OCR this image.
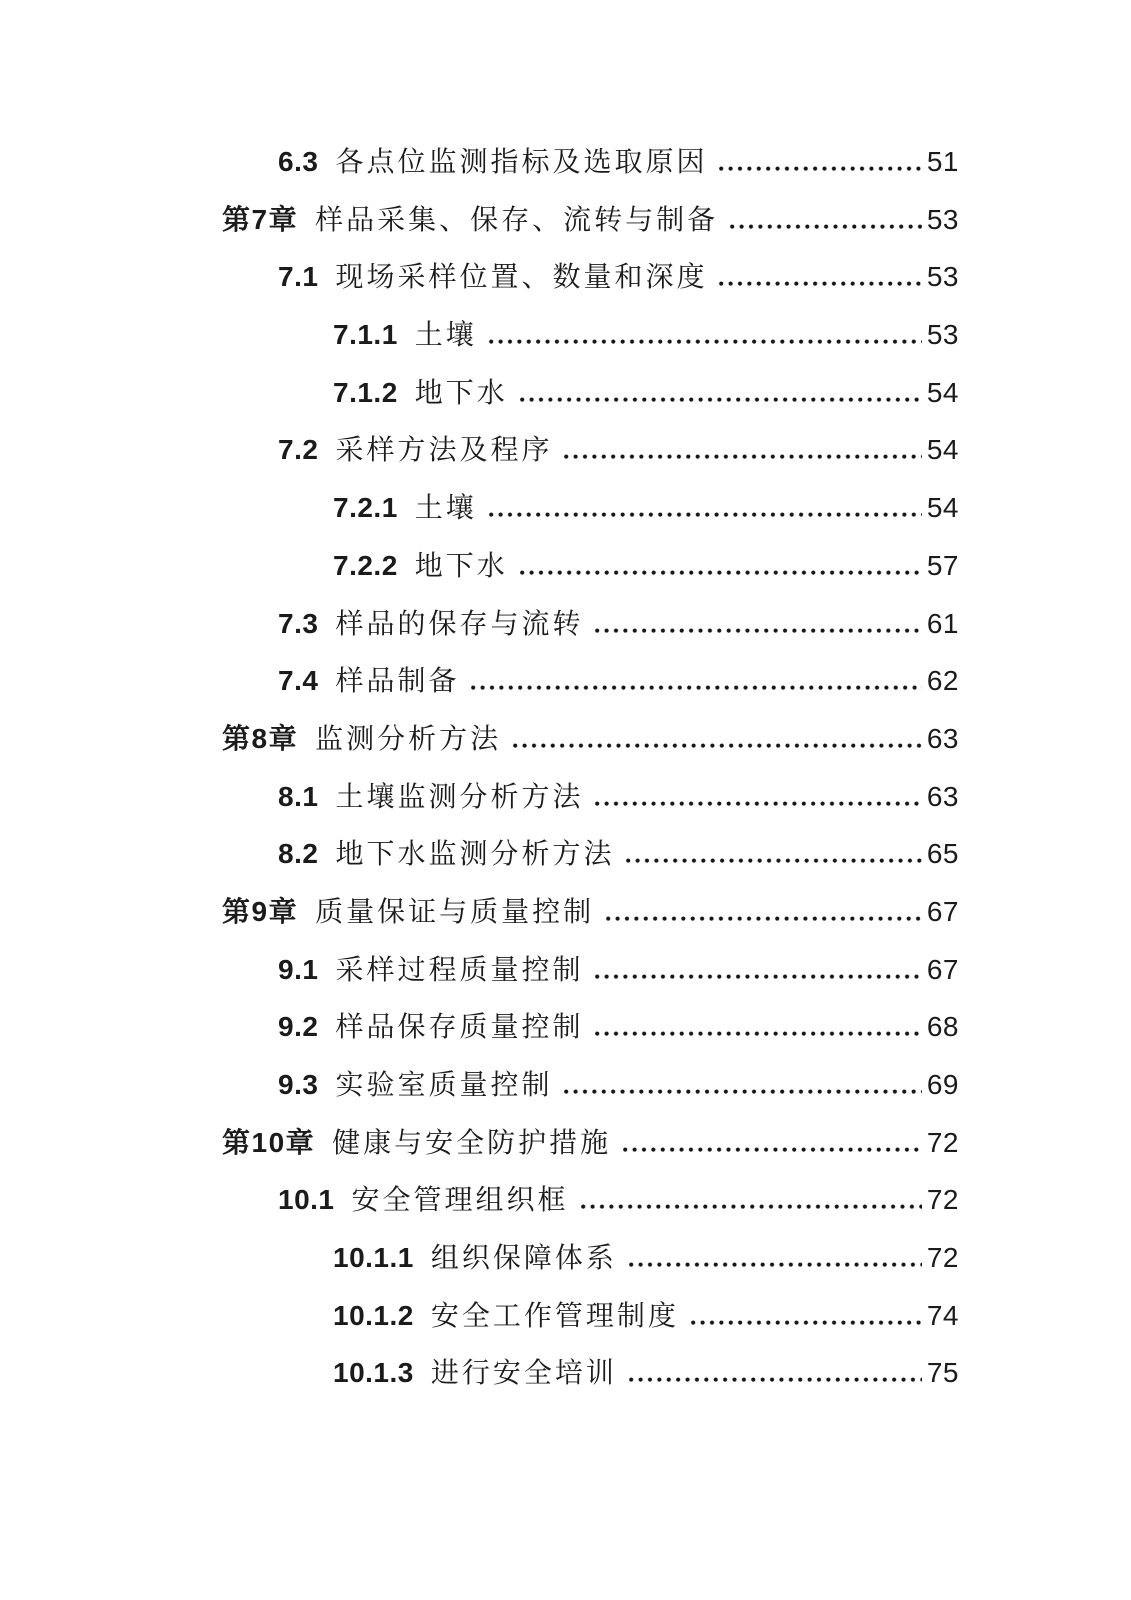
6.3 各点位监测指标及选取原因	51
第7章 样品采集、保存、流转与制备	53
7.1 现场采样位置、数量和深度	53
7.1.1 土壤	53
7.1.2 地下水	54
7.2 采样方法及程序	54
7.2.1 土壤	54
7.2.2 地下水	57
7.3 样品的保存与流转	61
7.4 样品制备	62
第8章 监测分析方法	63
8.1 土壤监测分析方法	63
8.2 地下水监测分析方法	65
第9章 质量保证与质量控制	67
9.1 采样过程质量控制	67
9.2 样品保存质量控制	68
9.3 实验室质量控制	69
第10章 健康与安全防护措施	72
10.1 安全管理组织框	72
10.1.1 组织保障体系	72
10.1.2 安全工作管理制度	74
10.1.3 进行安全培训	75
